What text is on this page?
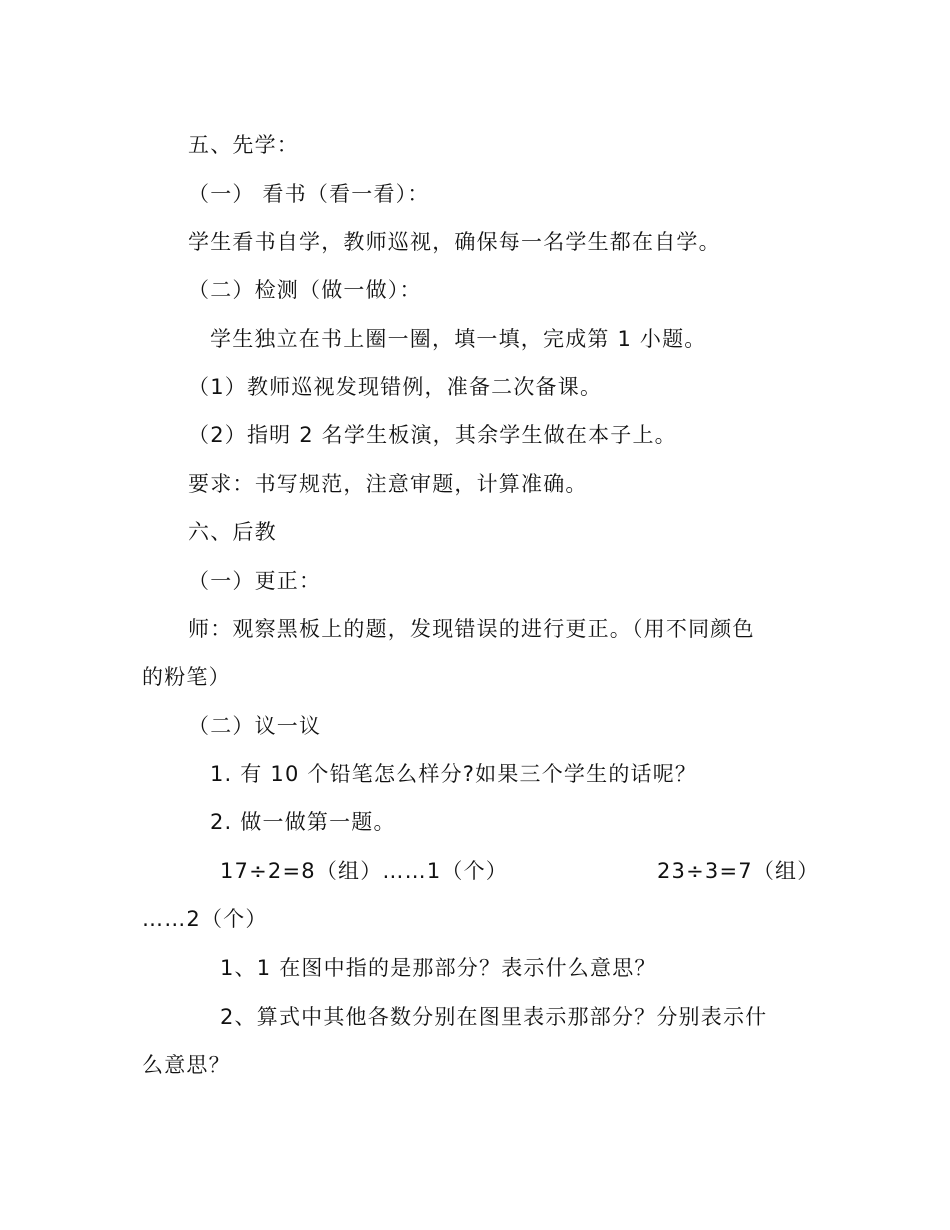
五、先学：
（一） 看书（看一看）：
学生看书自学，教师巡视，确保每一名学生都在自学。
（二）检测（做一做）：
学生独立在书上圈一圈，填一填，完成第 1 小题。
（1）教师巡视发现错例，准备二次备课。
（2）指明 2 名学生板演，其余学生做在本子上。
要求：书写规范，注意审题，计算准确。
六、后教
（一）更正：
师：观察黑板上的题，发现错误的进行更正。（用不同颜色
的粉笔）
（二）议一议
1. 有 10 个铅笔怎么样分?如果三个学生的话呢？
2. 做一做第一题。
17÷2=8（组）……1（个）	23÷3=7（组）
……2（个）
1、1 在图中指的是那部分？表示什么意思？
2、算式中其他各数分别在图里表示那部分？分别表示什
么意思？
